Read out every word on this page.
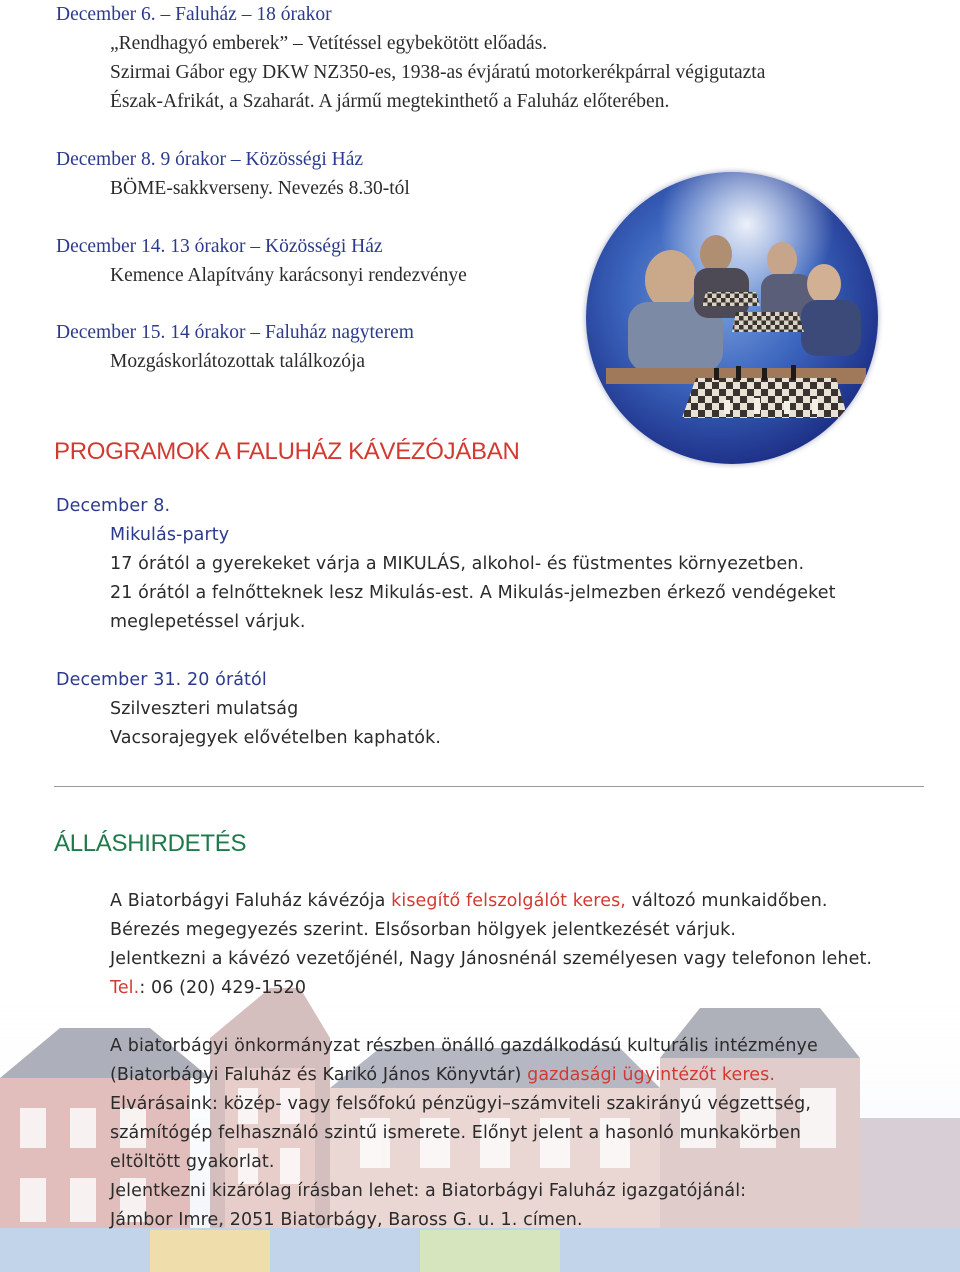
December 6. – Faluház – 18 órakor
„Rendhagyó emberek” – Vetítéssel egybekötött előadás.
Szirmai Gábor egy DKW NZ350-es, 1938-as évjáratú motorkerékpárral végigutazta
Észak-Afrikát, a Szaharát. A jármű megtekinthető a Faluház előterében.
December 8. 9 órakor – Közösségi Ház
BÖME-sakkverseny. Nevezés 8.30-tól
December 14. 13 órakor – Közösségi Ház
Kemence Alapítvány karácsonyi rendezvénye
December 15. 14 órakor – Faluház nagyterem
Mozgáskorlátozottak találkozója
PROGRAMOK A FALUHÁZ KÁVÉZÓJÁBAN
December 8.
Mikulás-party
17 órától a gyerekeket várja a MIKULÁS, alkohol- és füstmentes környezetben.
21 órától a felnőtteknek lesz Mikulás-est. A Mikulás-jelmezben érkező vendégeket
meglepetéssel várjuk.
December 31. 20 órától
Szilveszteri mulatság
Vacsorajegyek elővételben kaphatók.
ÁLLÁSHIRDETÉS
A Biatorbágyi Faluház kávézója kisegítő felszolgálót keres, változó munkaidőben.
Bérezés megegyezés szerint. Elsősorban hölgyek jelentkezését várjuk.
Jelentkezni a kávézó vezetőjénél, Nagy Jánosnénál személyesen vagy telefonon lehet.
Tel.: 06 (20) 429-1520
A biatorbágyi önkormányzat részben önálló gazdálkodású kulturális intézménye
(Biatorbágyi Faluház és Karikó János Könyvtár) gazdasági ügyintézőt keres.
Elvárásaink: közép- vagy felsőfokú pénzügyi–számviteli szakirányú végzettség,
számítógép felhasználó szintű ismerete. Előnyt jelent a hasonló munkakörben
eltöltött gyakorlat.
Jelentkezni kizárólag írásban lehet: a Biatorbágyi Faluház igazgatójánál:
Jámbor Imre, 2051 Biatorbágy, Baross G. u. 1. címen.
